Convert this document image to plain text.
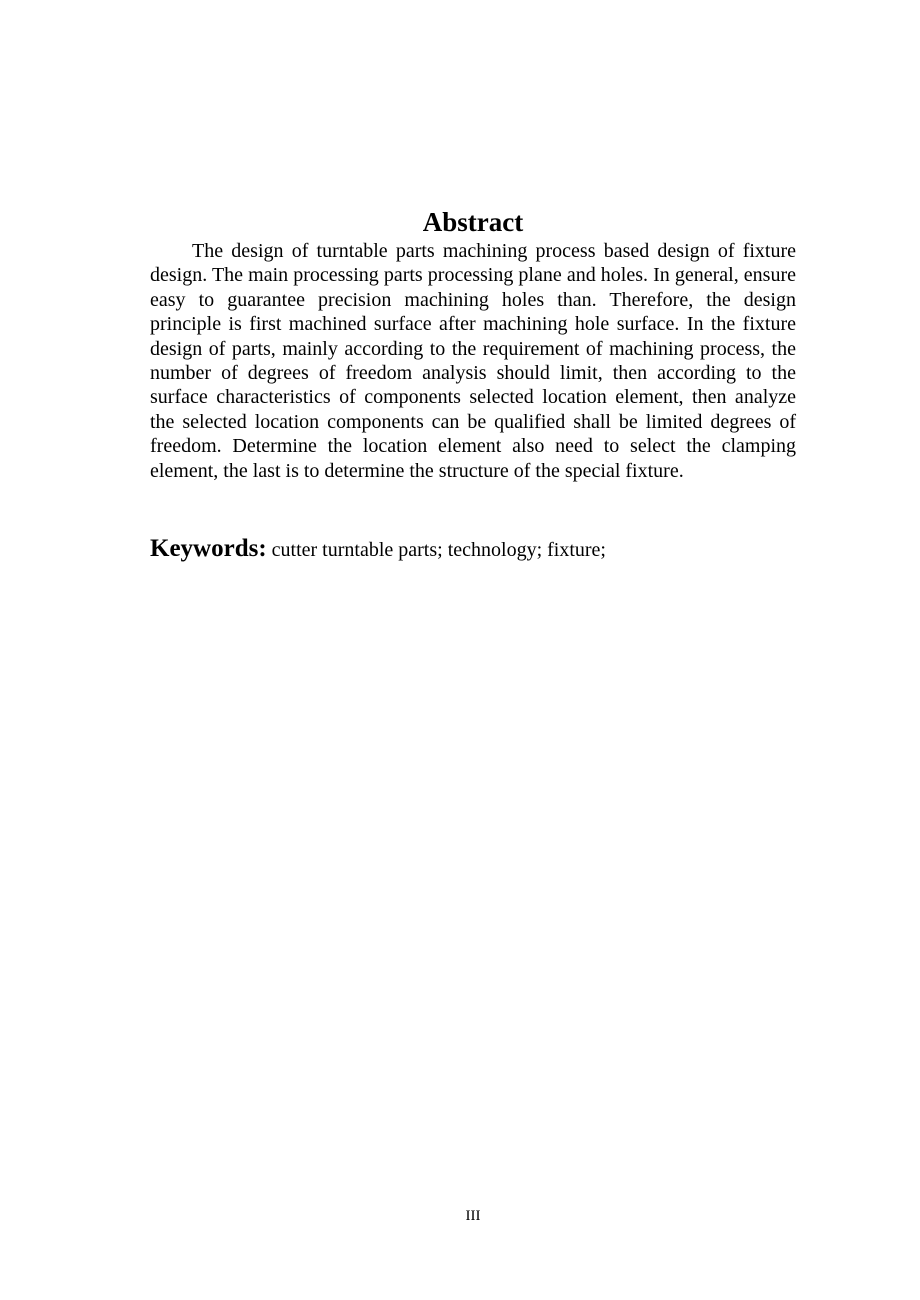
Abstract

The design of turntable parts machining process based design of fixture design. The main processing parts processing plane and holes. In general, ensure easy to guarantee precision machining holes than. Therefore, the design principle is first machined surface after machining hole surface. In the fixture design of parts, mainly according to the requirement of machining process, the number of degrees of freedom analysis should limit, then according to the surface characteristics of components selected location element, then analyze the selected location components can be qualified shall be limited degrees of freedom. Determine the location element also need to select the clamping element, the last is to determine the structure of the special fixture.

Keywords: cutter turntable parts; technology; fixture;

III
